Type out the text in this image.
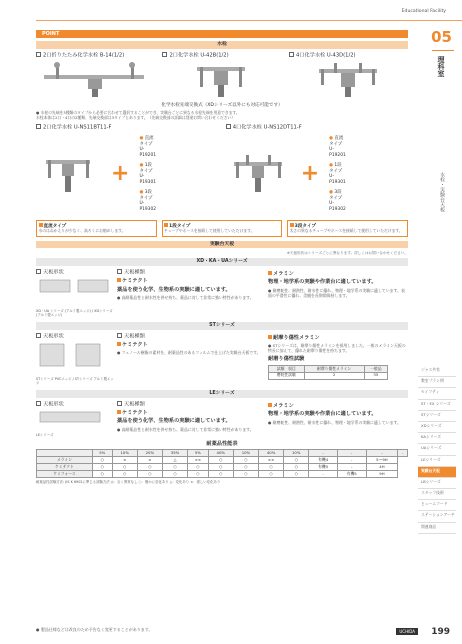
Educational Facility
05
理科室
水栓・実験台天板
ジャス共有
教室プラン例
セイフティ
ST・EX シリーズ
STシリーズ
XDシリーズ
KAシリーズ
UAシリーズ
LEシリーズ
実験台天板
LBシリーズ
スタッフ技術
ヒュームフード
ステーションアーチ
関連商品
POINT
水栓
2口折りたたみ化学水栓 B-14(1/2)	2口化学水栓 U-42B(1/2)	4口化学水栓 U-43D(1/2)
化学水栓先端交換式（XDシリーズ以外にも対応可能です）
● 水栓の先端を3種類のタイプから必要に合わせて選択することができ、実験台ごとに異なる水栓先端を用意できます。
水栓本体は2口・4口の2種類、先端交換部は3タイプとあります。（先端交換部の詳細は別途お問い合わせください）
2口化学水栓 U-NS11BT11-F
+
● 直流タイプ U-P19201
● 1段タイプ U-P19301
● 3段タイプ U-P19302
4口化学水栓 U-NS12DT11-F
+
● 直流タイプ U-P19201
● 1段タイプ U-P19301
● 3段タイプ U-P19302
直流タイプ
水のはねかえりが少なく、高ろくにお勧めします。
1段タイプ
チューブやホースを接続して使用していただけます。
3段タイプ
太さの異なるチューブやホースを接続して使用していただけます。
実験台天板
※天板形状はシリーズごとに異なります。詳しくはお問い合わせください。
XD・KA・UAシリーズ
天板形状
XD・UA シリーズ (アルミ製エッジ) / XDシリーズ (アルミ製エッジ)
天板種類
ケミテクト
薬品を使う化学、生物系の実験に適しています。
● 高耐薬品性と耐水性を併せ持ち、薬品に対して非常に強い特性があります。
メラミン
物理・地学系の実験や作業台に適しています。
● 耐磨耗性、耐熱性、耐水性に優れ、物理・地学系の実験に適しています。表面の平滑性に優れ、美観を長期間保持します。
STシリーズ
天板形状
STシリーズ PVCエッジ / STシリーズ アルミ製エッジ
天板種類
ケミテクト
● フェノール樹脂の素材を、耐薬品性のあるフィルムで仕上げた実験台天板です。
耐摩り傷性メラミン
● STシリーズは、耐摩り傷性メラミンを採用しました。一般のメラミン天板の特長に加えて、優れた耐摩り傷性を持ちます。
耐磨り傷性試験
試験　項目	耐摩り傷性メラミン	一般品
磨耗性試験	2	35
LEシリーズ
天板形状
LEシリーズ
天板種類
ケミテクト
薬品を使う化学、生物系の実験に適しています。
● 高耐薬品性と耐水性を併せ持ち、薬品に対して非常に強い特性があります。
メラミン
物理・地学系の実験や作業台に適しています。
● 耐磨耗性、耐熱性、耐水性に優れ、物理・地学系の実験に適しています。
耐薬品性能表
	5%	10%	20%	35%	5%	40%	10%	40%	10%	-	-	-	-
メラミン	○	×	×	△	××	○	○	××	○	有機4	-	5〜9H	
ケミテクト	○	○	○	○	○	○	○	○	○	有機5	-	4H	
ケミフォース	○	○	○	○	○	○	○	○	○	-	有機5	9H	
耐薬品性試験方法: JIS K 6902に準じる試験方法 ◎：全く異常なし ○：僅かに変化あり △：変化あり ×：著しい変化あり
● 製品仕様などは改良のため予告なく変更することがあります。	UCHIDA	199
